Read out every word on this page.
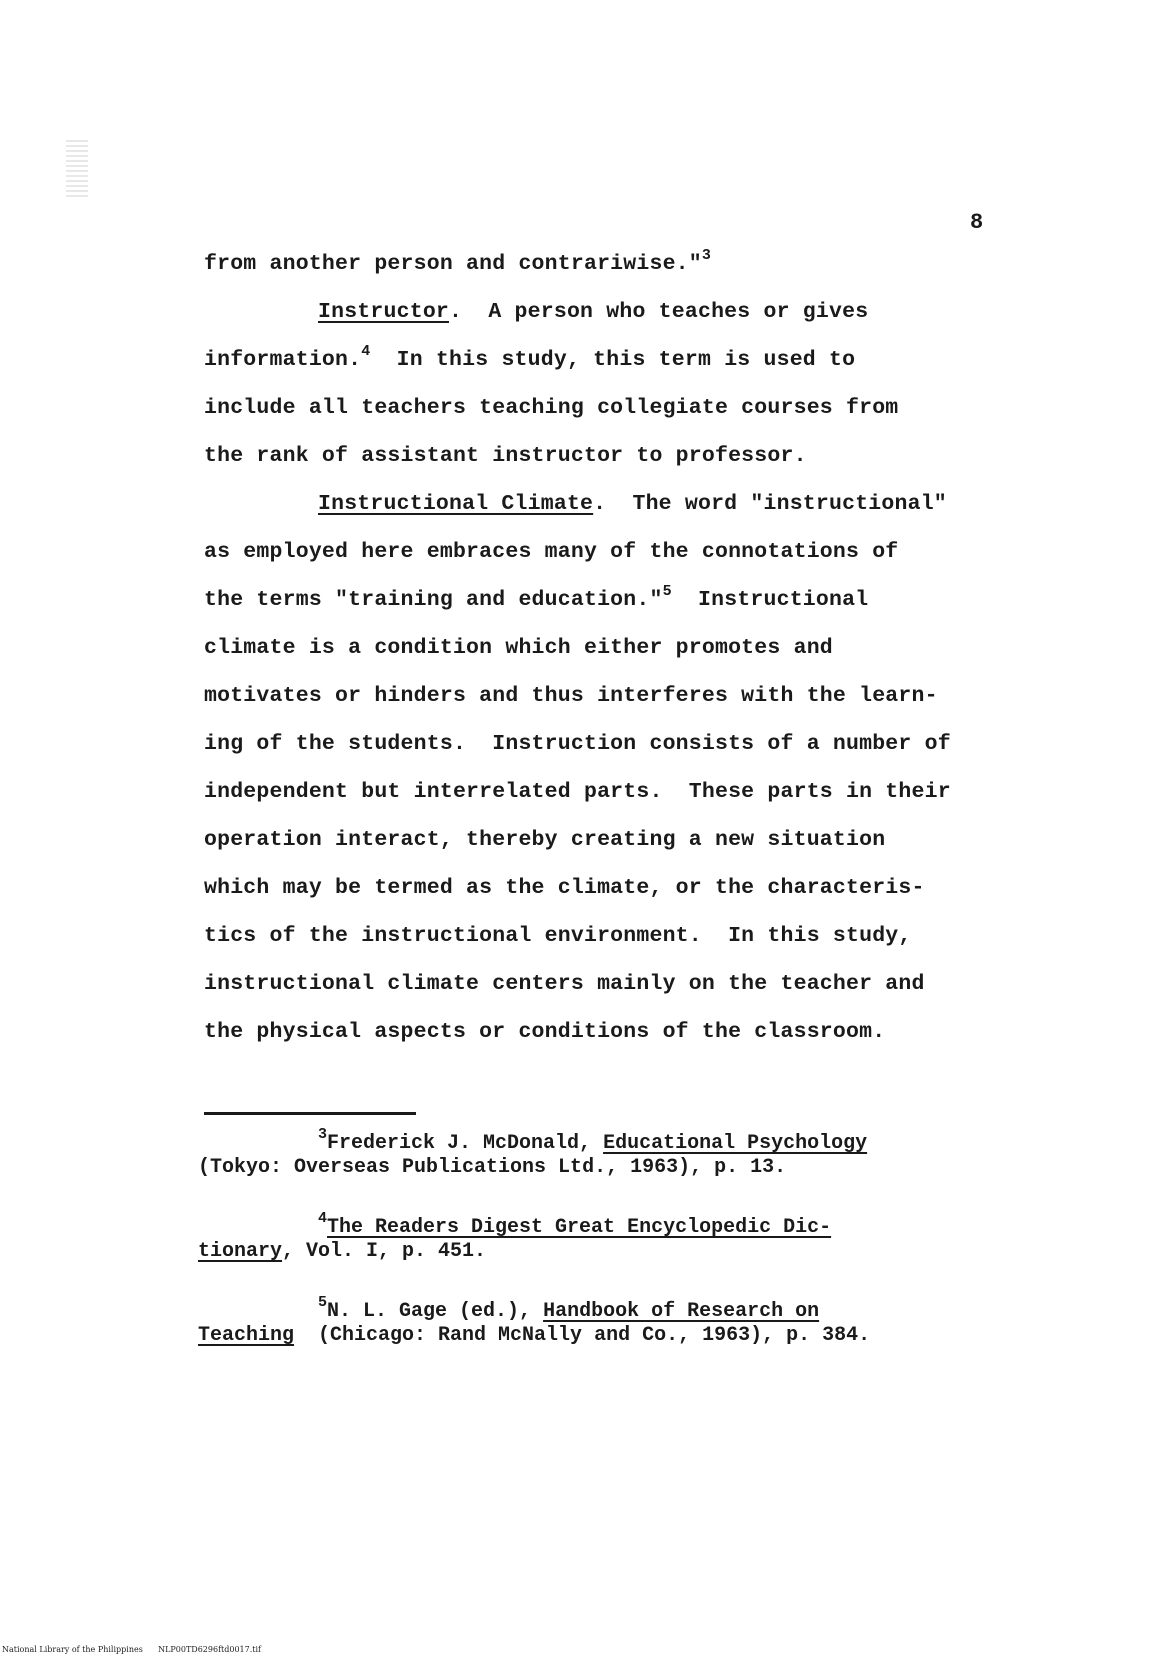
8
from another person and contrariwise."$^3$
Instructor.  A person who teaches or gives
information.$^4$  In this study, this term is used to
include all teachers teaching collegiate courses from
the rank of assistant instructor to professor.
Instructional Climate.  The word "instructional"
as employed here embraces many of the connotations of
the terms "training and education."$^5$  Instructional
climate is a condition which either promotes and
motivates or hinders and thus interferes with the learn-
ing of the students.  Instruction consists of a number of
independent but interrelated parts.  These parts in their
operation interact, thereby creating a new situation
which may be termed as the climate, or the characteris-
tics of the instructional environment.  In this study,
instructional climate centers mainly on the teacher and
the physical aspects or conditions of the classroom.
$^3$Frederick J. McDonald, Educational Psychology
(Tokyo: Overseas Publications Ltd., 1963), p. 13.
$^4$The Readers Digest Great Encyclopedic Dic-
tionary, Vol. I, p. 451.
$^5$N. L. Gage (ed.), Handbook of Research on
Teaching  (Chicago: Rand McNally and Co., 1963), p. 384.
National Library of the Philippines NLP00TD6296ftd0017.tif
